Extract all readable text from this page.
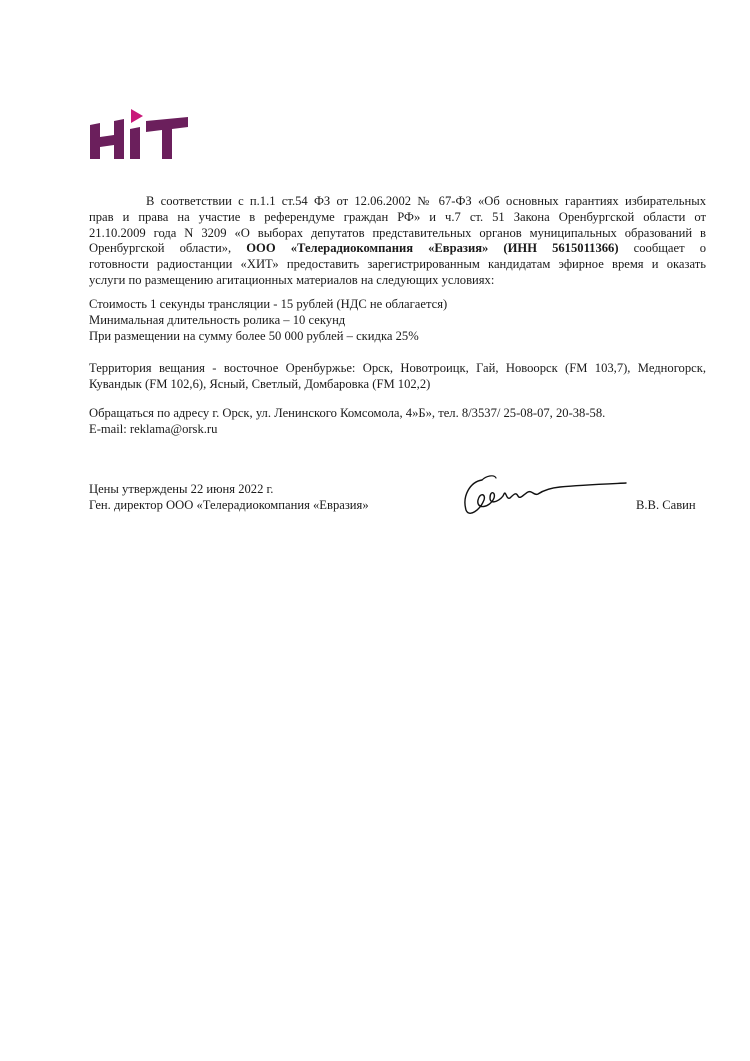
В соответствии с п.1.1 ст.54 ФЗ от 12.06.2002 № 67-ФЗ «Об основных гарантиях избирательных
прав и права на участие в референдуме граждан РФ» и ч.7 ст. 51 Закона Оренбургской области от
21.10.2009 года N 3209 «О выборах депутатов представительных органов муниципальных образований в
Оренбургской области», ООО «Телерадиокомпания «Евразия» (ИНН 5615011366) сообщает о
готовности радиостанции «ХИТ» предоставить зарегистрированным кандидатам эфирное время и оказать
услуги по размещению агитационных материалов на следующих условиях:
Стоимость 1 секунды трансляции - 15 рублей (НДС не облагается)
Минимальная длительность ролика – 10 секунд
При размещении на сумму более 50 000 рублей – скидка 25%
Территория вещания - восточное Оренбуржье: Орск, Новотроицк, Гай, Новоорск (FM 103,7), Медногорск,
Кувандык (FM 102,6), Ясный, Светлый, Домбаровка (FM 102,2)
Обращаться по адресу г. Орск, ул. Ленинского Комсомола, 4»Б», тел. 8/3537/ 25-08-07, 20-38-58.
E-mail: reklama@orsk.ru
Цены утверждены 22 июня 2022 г.
Ген. директор ООО «Телерадиокомпания «Евразия»	В.В. Савин
